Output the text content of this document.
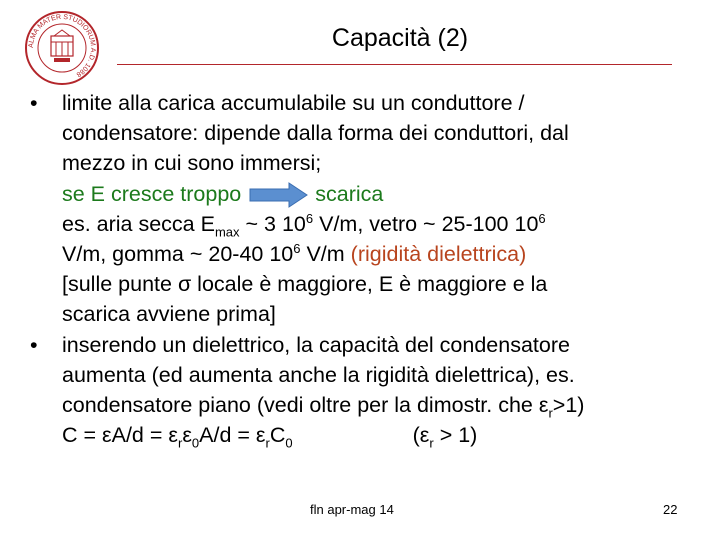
ALMA MATER STUDIORUM A.D. 1088
Capacità (2)
• limite alla carica accumulabile su un conduttore /
condensatore: dipende dalla forma dei conduttori, dal
mezzo in cui sono immersi;
se E cresce troppo	scarica
es. aria secca $E_{max}$ ~ 3 $10^6$ V/m, vetro ~ 25-100 $10^6$
V/m, gomma ~ 20-40 $10^6$ V/m (rigidità dielettrica)
[sulle punte σ locale è maggiore, E è maggiore e la
scarica avviene prima]
• inserendo un dielettrico, la capacità del condensatore
aumenta (ed aumenta anche la rigidità dielettrica), es.
condensatore piano (vedi oltre per la dimostr. che $\varepsilon_r>1$)
$C = \varepsilon A/d = \varepsilon_r\varepsilon_0A/d = \varepsilon_rC_0$	$(\varepsilon_r > 1)$
fln apr-mag 14	22
